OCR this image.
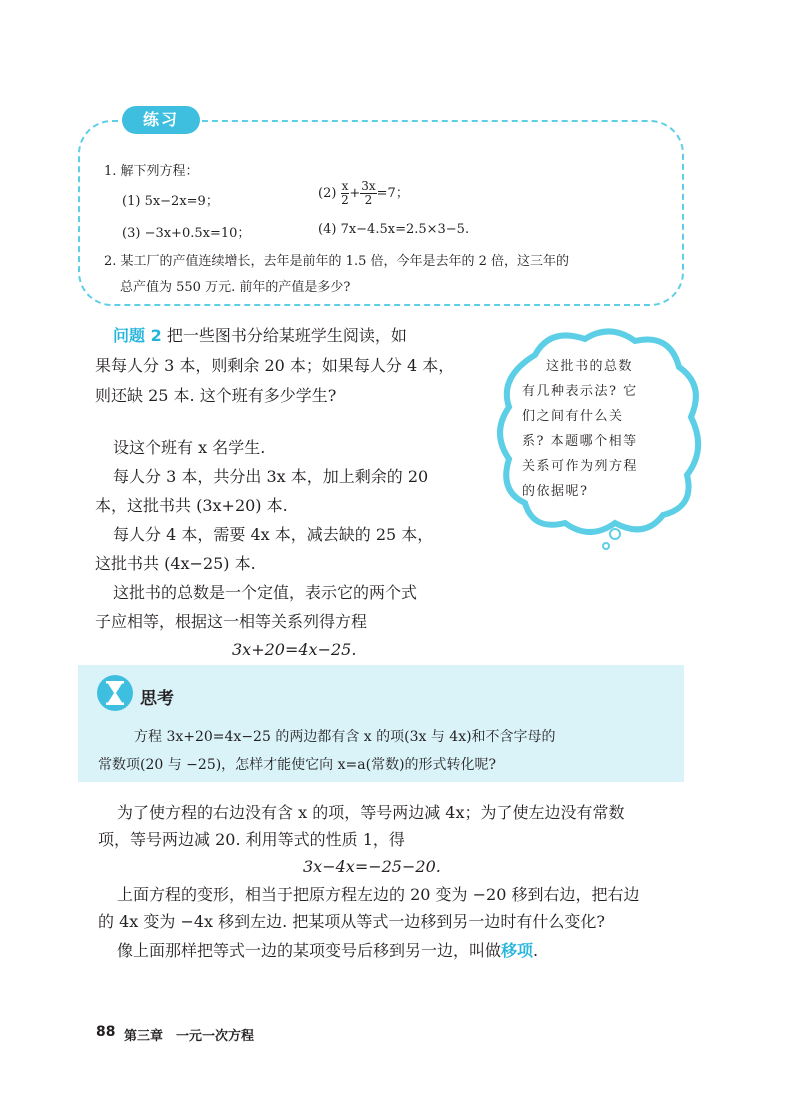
练习
1. 解下列方程：
(1) 5x−2x=9；
$(2) \frac{x}{2} + \frac{3x}{2} =7$；
(3) −3x+0.5x=10；	(4) 7x−4.5x=2.5×3−5.
2. 某工厂的产值连续增长，去年是前年的 1.5 倍，今年是去年的 2 倍，这三年的
总产值为 550 万元. 前年的产值是多少?
问题 2 把一些图书分给某班学生阅读，如
果每人分 3 本，则剩余 20 本；如果每人分 4 本，
则还缺 25 本. 这个班有多少学生?
设这个班有 x 名学生.
每人分 3 本，共分出 3x 本，加上剩余的 20
本，这批书共 (3x+20) 本.
每人分 4 本，需要 4x 本，减去缺的 25 本，
这批书共 (4x−25) 本.
这批书的总数是一个定值，表示它的两个式
子应相等，根据这一相等关系列得方程
3x+20=4x−25.
这批书的总数
有几种表示法? 它
们之间有什么关
系? 本题哪个相等
关系可作为列方程
的依据呢?
思考
方程 3x+20=4x−25 的两边都有含 x 的项(3x 与 4x)和不含字母的
常数项(20 与 −25)，怎样才能使它向 x=a(常数)的形式转化呢?
为了使方程的右边没有含 x 的项，等号两边减 4x；为了使左边没有常数
项，等号两边减 20. 利用等式的性质 1，得
3x−4x=−25−20.
上面方程的变形，相当于把原方程左边的 20 变为 −20 移到右边，把右边
的 4x 变为 −4x 移到左边. 把某项从等式一边移到另一边时有什么变化?
像上面那样把等式一边的某项变号后移到另一边，叫做移项.
88 第三章　一元一次方程
